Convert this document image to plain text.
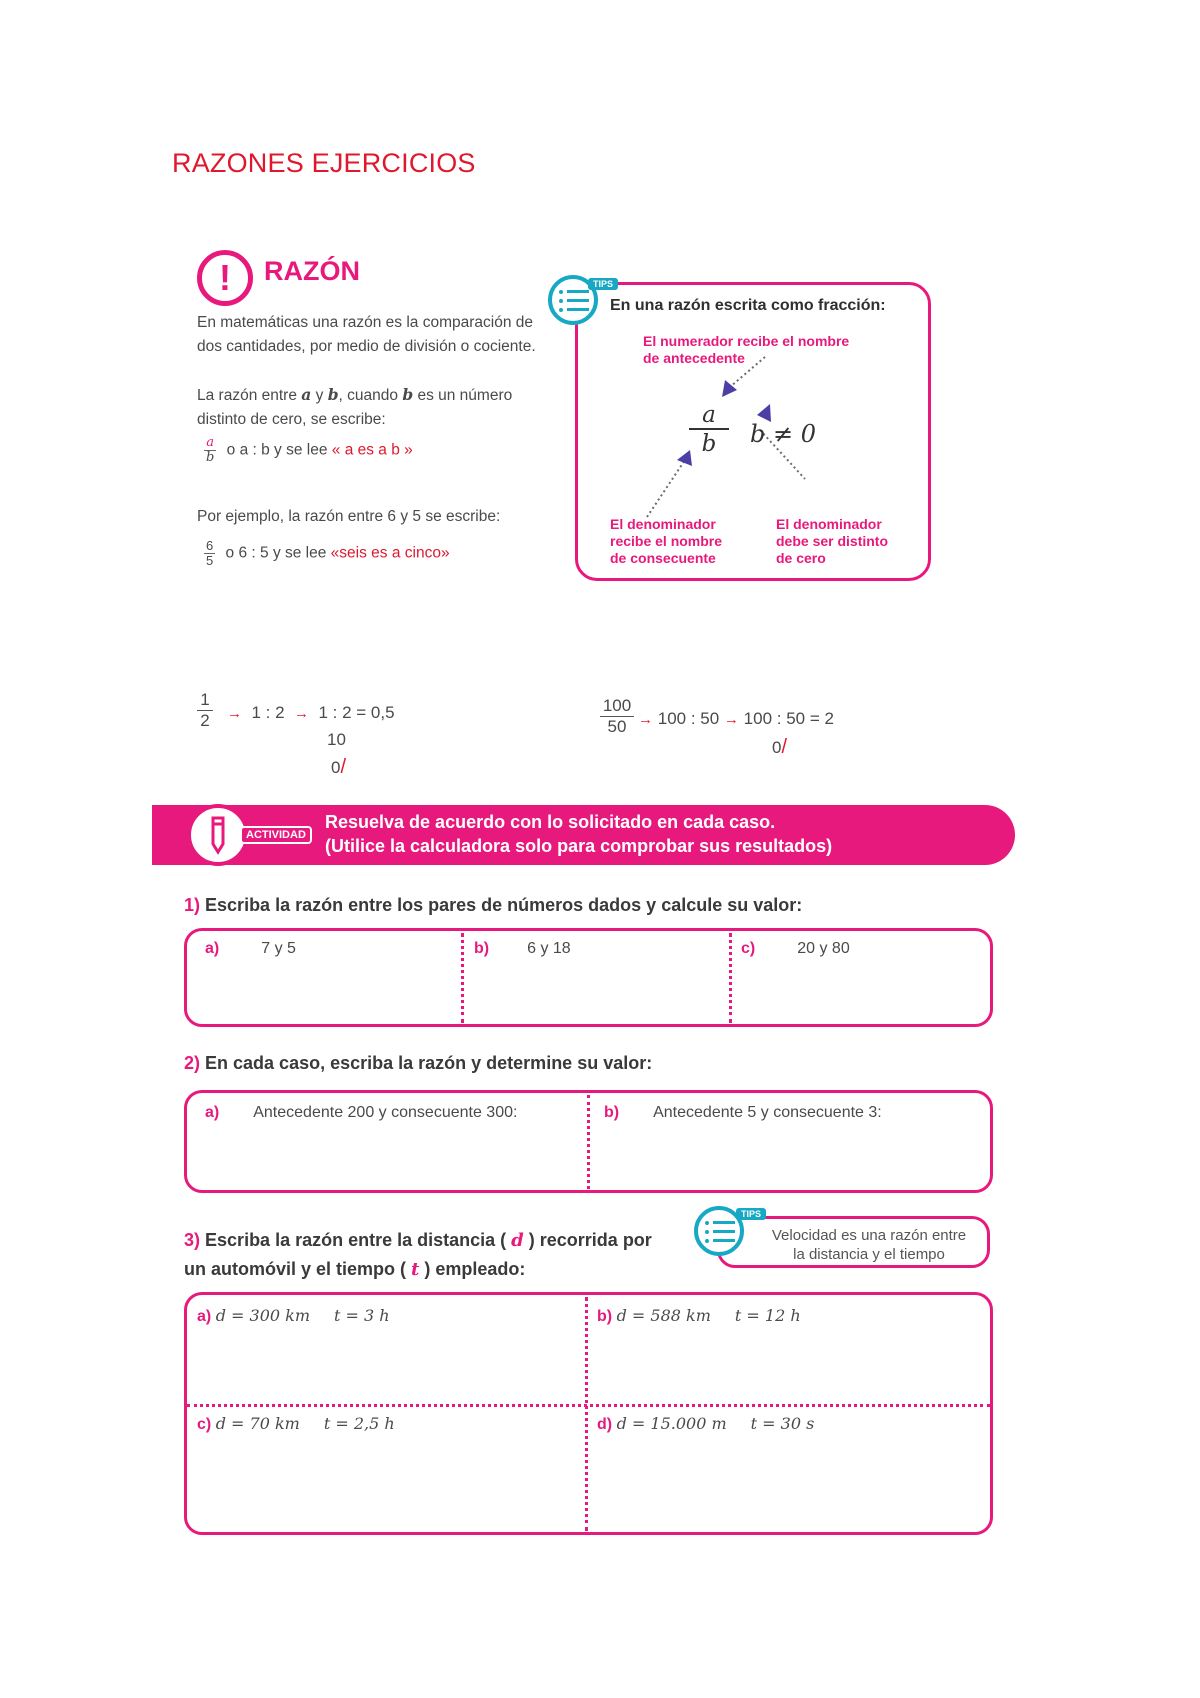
RAZONES EJERCICIOS
!	RAZÓN
En matemáticas una razón es la comparación de
dos cantidades, por medio de división o cociente.
La razón entre a y b, cuando b es un número
distinto de cero, se escribe:
$\frac{a}{b}$ o a : b y se lee « a es a b »
Por ejemplo, la razón entre 6 y 5 se escribe:
$\frac{6}{5}$ o 6 : 5 y se lee «seis es a cinco»
TIPS
En una razón escrita como fracción:
El numerador recibe el nombre
de antecedente
$\frac{a}{b}$ b ≠ 0
El denominador
recibe el nombre
de consecuente
El denominador
debe ser distinto
de cero
$\frac{1}{2} \to 1$ : 2 → 1 : 2 = 0,5
10
0/
$\frac{100}{50} \to 100$ : 50 → 100 : 50 = 2
0/
ACTIVIDAD
Resuelva de acuerdo con lo solicitado en cada caso.
(Utilice la calculadora solo para comprobar sus resultados)
1) Escriba la razón entre los pares de números dados y calcule su valor:
a)	7 y 5	b) 6 y 18	c)	20 y 80
2) En cada caso, escriba la razón y determine su valor:
a) Antecedente 200 y consecuente 300:	b) Antecedente 5 y consecuente 3:
3) Escriba la razón entre la distancia ( d ) recorrida por
un automóvil y el tiempo ( t ) empleado:
TIPS
Velocidad es una razón entre
la distancia y el tiempo
a) d = 300 km t = 3 h	b) d = 588 km t = 12 h
c) d = 70 km t = 2,5 h	d) d = 15.000 m t = 30 s
